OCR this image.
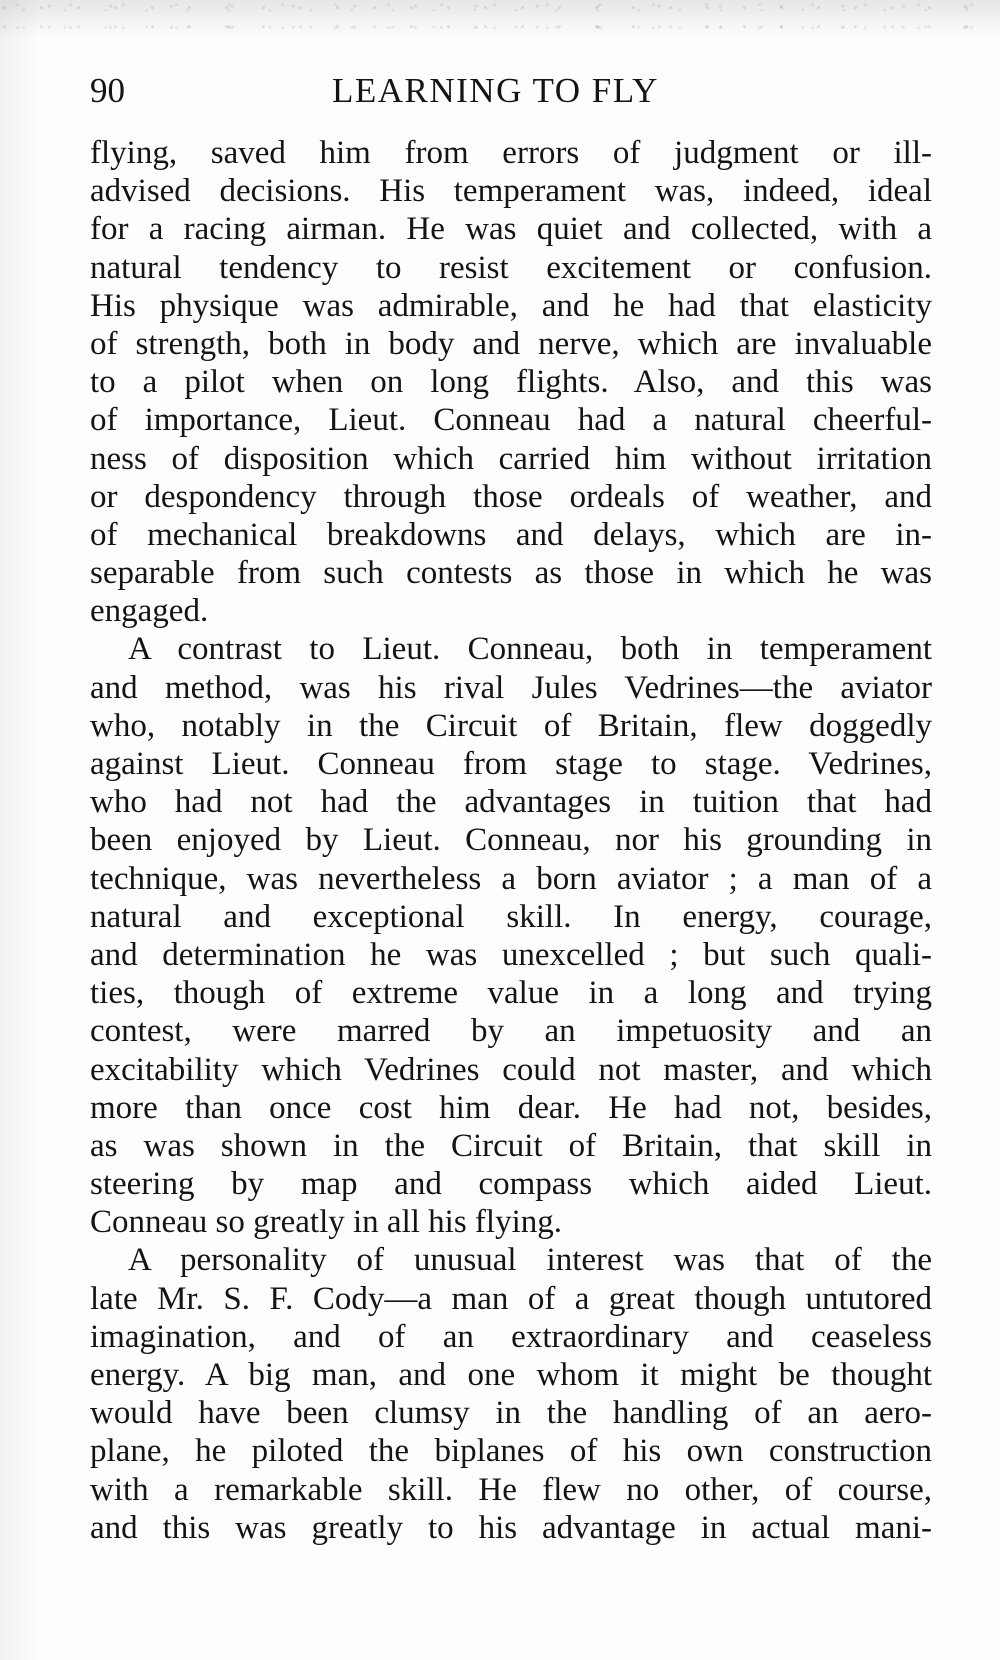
90	LEARNING TO FLY
flying, saved him from errors of judgment or ill-
advised decisions. His temperament was, indeed, ideal
for a racing airman. He was quiet and collected, with a
natural tendency to resist excitement or confusion.
His physique was admirable, and he had that elasticity
of strength, both in body and nerve, which are invaluable
to a pilot when on long flights. Also, and this was
of importance, Lieut. Conneau had a natural cheerful-
ness of disposition which carried him without irritation
or despondency through those ordeals of weather, and
of mechanical breakdowns and delays, which are in-
separable from such contests as those in which he was
engaged.
A contrast to Lieut. Conneau, both in temperament
and method, was his rival Jules Vedrines—the aviator
who, notably in the Circuit of Britain, flew doggedly
against Lieut. Conneau from stage to stage. Vedrines,
who had not had the advantages in tuition that had
been enjoyed by Lieut. Conneau, nor his grounding in
technique, was nevertheless a born aviator ; a man of a
natural and exceptional skill. In energy, courage,
and determination he was unexcelled ; but such quali-
ties, though of extreme value in a long and trying
contest, were marred by an impetuosity and an
excitability which Vedrines could not master, and which
more than once cost him dear. He had not, besides,
as was shown in the Circuit of Britain, that skill in
steering by map and compass which aided Lieut.
Conneau so greatly in all his flying.
A personality of unusual interest was that of the
late Mr. S. F. Cody—a man of a great though untutored
imagination, and of an extraordinary and ceaseless
energy. A big man, and one whom it might be thought
would have been clumsy in the handling of an aero-
plane, he piloted the biplanes of his own construction
with a remarkable skill. He flew no other, of course,
and this was greatly to his advantage in actual mani-
